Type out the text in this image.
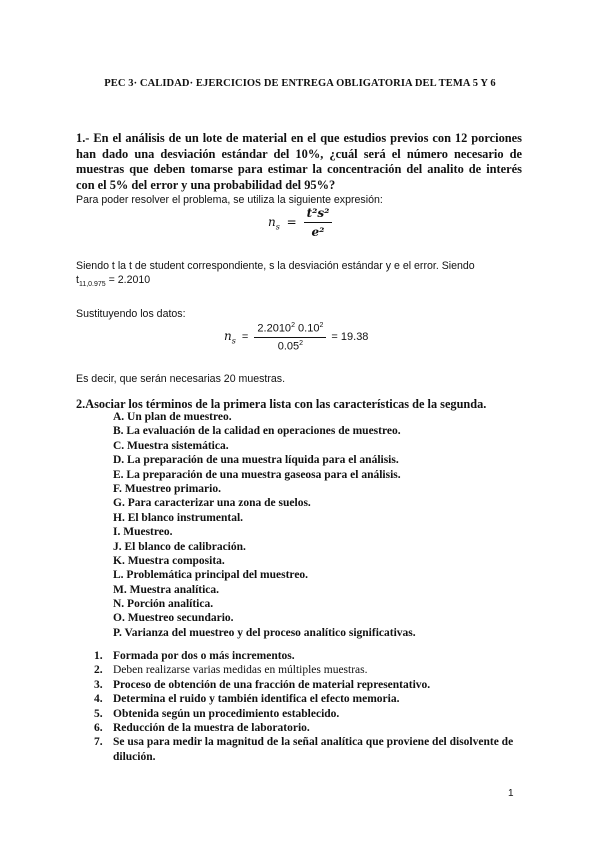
PEC 3· CALIDAD· EJERCICIOS DE ENTREGA OBLIGATORIA DEL TEMA 5 Y 6
1.- En el análisis de un lote de material en el que estudios previos con 12 porciones han dado una desviación estándar del 10%, ¿cuál será el número necesario de muestras que deben tomarse para estimar la concentración del analito de interés con el 5% del error y una probabilidad del 95%?
Para poder resolver el problema, se utiliza la siguiente expresión:
$n_s = \frac{\text{t²s²}}{\text{e²}}$
Siendo t la t de student correspondiente, s la desviación estándar y e el error. Siendo
$t_{11,0.975} = 2.2010$
Sustituyendo los datos:
$n_s = \frac{2.2010^2 0.10^2}{0.05^2} = 19.38$
Es decir, que serán necesarias 20 muestras.
2.Asociar los términos de la primera lista con las características de la segunda.
A. Un plan de muestreo.
B. La evaluación de la calidad en operaciones de muestreo.
C. Muestra sistemática.
D. La preparación de una muestra líquida para el análisis.
E. La preparación de una muestra gaseosa para el análisis.
F. Muestreo primario.
G. Para caracterizar una zona de suelos.
H. El blanco instrumental.
I. Muestreo.
J. El blanco de calibración.
K. Muestra composita.
L. Problemática principal del muestreo.
M. Muestra analítica.
N. Porción analítica.
O. Muestreo secundario.
P. Varianza del muestreo y del proceso analítico significativas.
1. Formada por dos o más incrementos.
2. Deben realizarse varias medidas en múltiples muestras.
3. Proceso de obtención de una fracción de material representativo.
4. Determina el ruido y también identifica el efecto memoria.
5. Obtenida según un procedimiento establecido.
6. Reducción de la muestra de laboratorio.
7. Se usa para medir la magnitud de la señal analítica que proviene del disolvente de dilución.
1
